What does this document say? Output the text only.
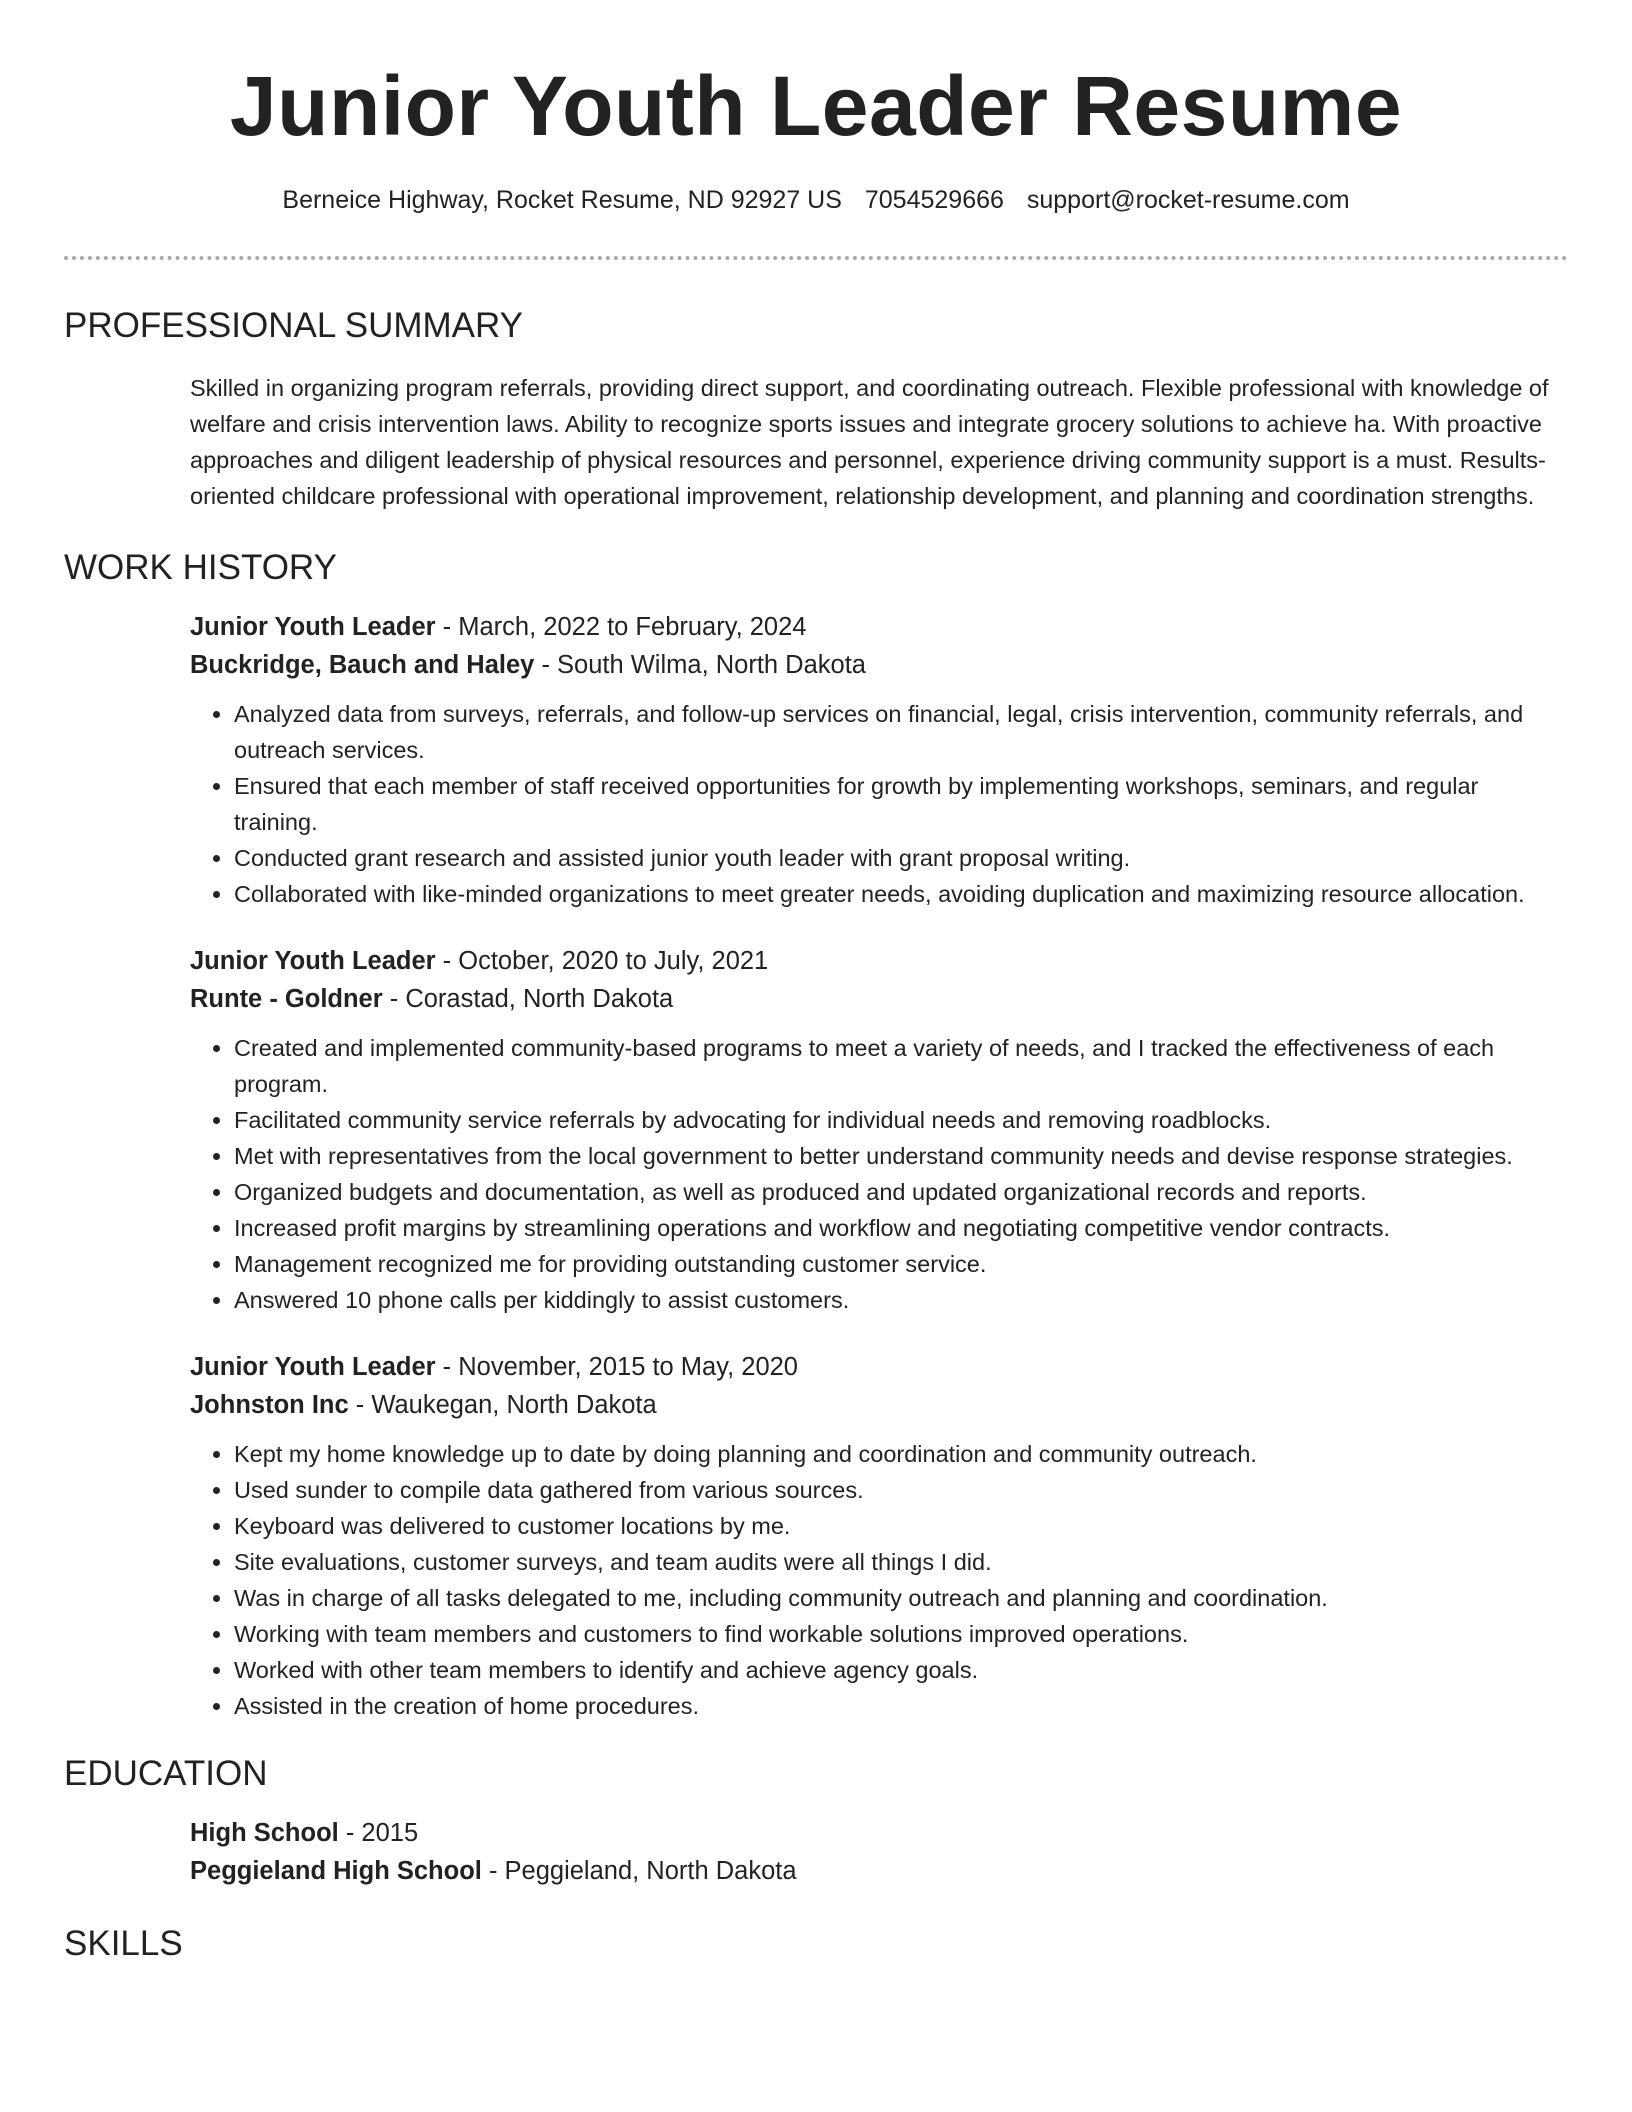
Junior Youth Leader Resume
Berneice Highway, Rocket Resume, ND 92927 US 7054529666 support@rocket-resume.com
PROFESSIONAL SUMMARY

Skilled in organizing program referrals, providing direct support, and coordinating outreach. Flexible professional with knowledge of welfare and crisis intervention laws. Ability to recognize sports issues and integrate grocery solutions to achieve ha. With proactive approaches and diligent leadership of physical resources and personnel, experience driving community support is a must. Results-oriented childcare professional with operational improvement, relationship development, and planning and coordination strengths.

WORK HISTORY
Junior Youth Leader - March, 2022 to February, 2024
Buckridge, Bauch and Haley - South Wilma, North Dakota
• Analyzed data from surveys, referrals, and follow-up services on financial, legal, crisis intervention, community referrals, and outreach services.
• Ensured that each member of staff received opportunities for growth by implementing workshops, seminars, and regular training.
• Conducted grant research and assisted junior youth leader with grant proposal writing.
• Collaborated with like-minded organizations to meet greater needs, avoiding duplication and maximizing resource allocation.
Junior Youth Leader - October, 2020 to July, 2021
Runte - Goldner - Corastad, North Dakota
• Created and implemented community-based programs to meet a variety of needs, and I tracked the effectiveness of each program.
• Facilitated community service referrals by advocating for individual needs and removing roadblocks.
• Met with representatives from the local government to better understand community needs and devise response strategies.
• Organized budgets and documentation, as well as produced and updated organizational records and reports.
• Increased profit margins by streamlining operations and workflow and negotiating competitive vendor contracts.
• Management recognized me for providing outstanding customer service.
• Answered 10 phone calls per kiddingly to assist customers.
Junior Youth Leader - November, 2015 to May, 2020
Johnston Inc - Waukegan, North Dakota
• Kept my home knowledge up to date by doing planning and coordination and community outreach.
• Used sunder to compile data gathered from various sources.
• Keyboard was delivered to customer locations by me.
• Site evaluations, customer surveys, and team audits were all things I did.
• Was in charge of all tasks delegated to me, including community outreach and planning and coordination.
• Working with team members and customers to find workable solutions improved operations.
• Worked with other team members to identify and achieve agency goals.
• Assisted in the creation of home procedures.
EDUCATION
High School - 2015
Peggieland High School - Peggieland, North Dakota
SKILLS
